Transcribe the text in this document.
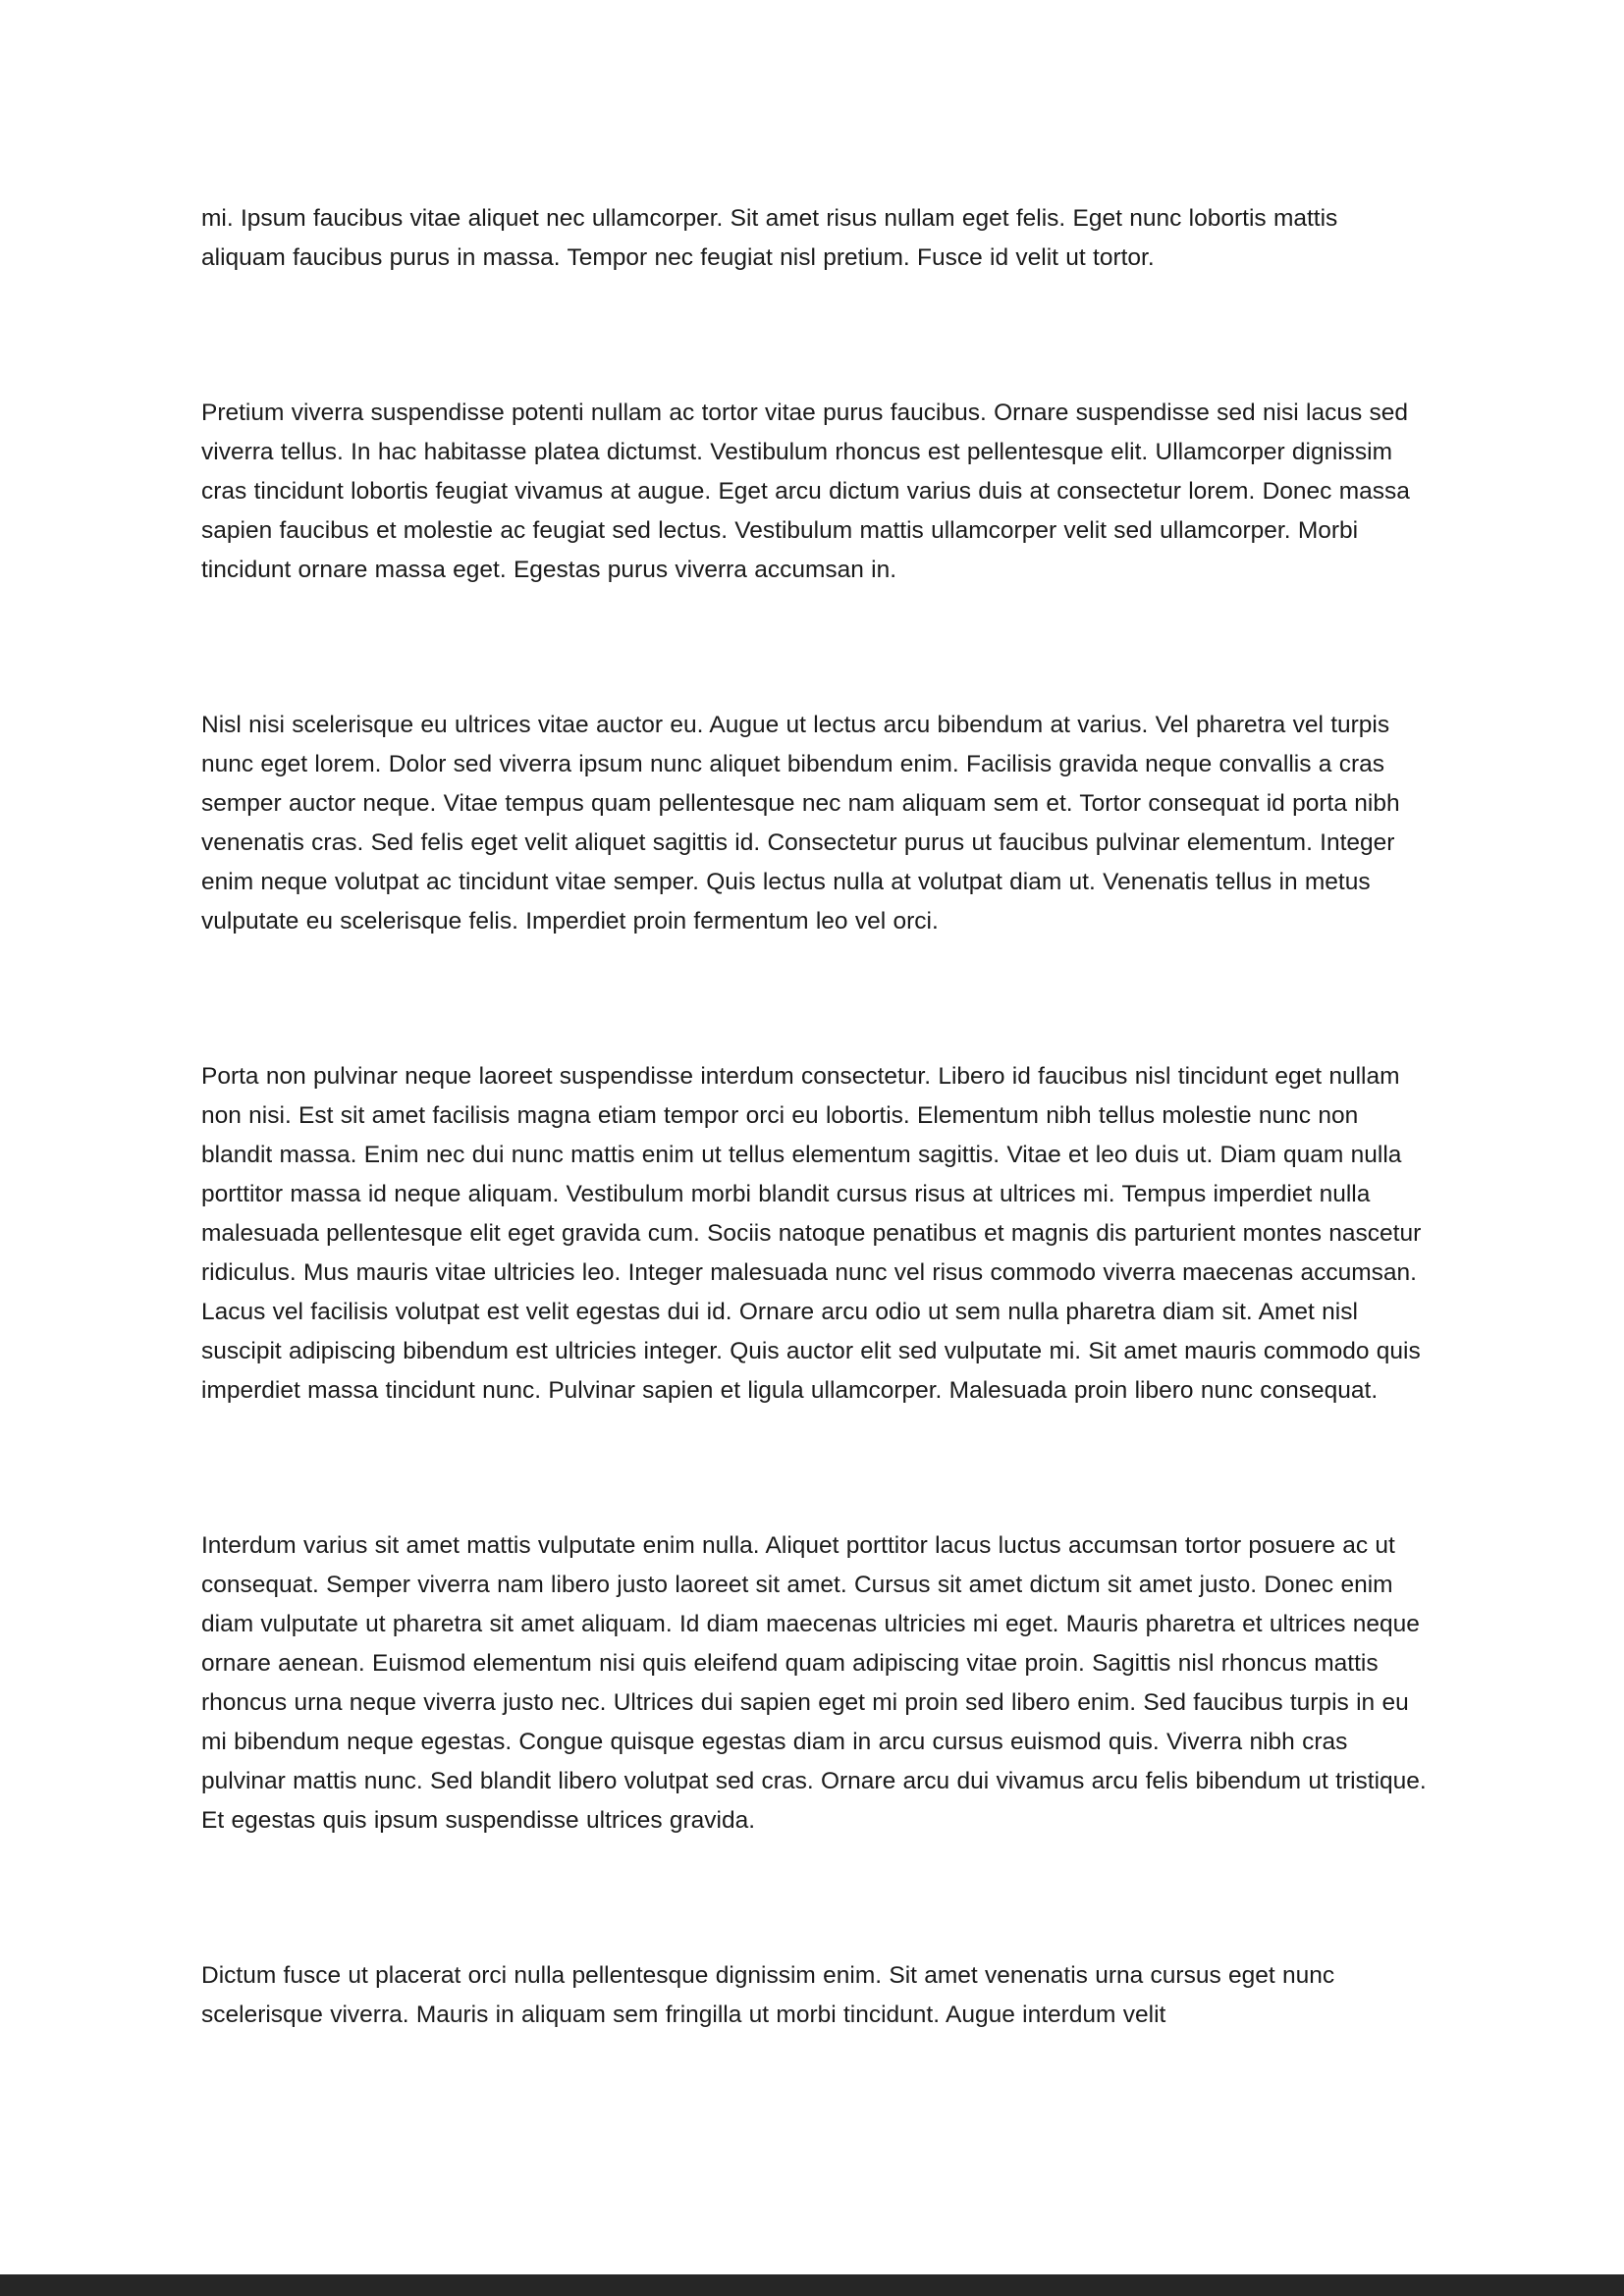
mi. Ipsum faucibus vitae aliquet nec ullamcorper. Sit amet risus nullam eget felis. Eget nunc lobortis mattis aliquam faucibus purus in massa. Tempor nec feugiat nisl pretium. Fusce id velit ut tortor.

Pretium viverra suspendisse potenti nullam ac tortor vitae purus faucibus. Ornare suspendisse sed nisi lacus sed viverra tellus. In hac habitasse platea dictumst. Vestibulum rhoncus est pellentesque elit. Ullamcorper dignissim cras tincidunt lobortis feugiat vivamus at augue. Eget arcu dictum varius duis at consectetur lorem. Donec massa sapien faucibus et molestie ac feugiat sed lectus. Vestibulum mattis ullamcorper velit sed ullamcorper. Morbi tincidunt ornare massa eget. Egestas purus viverra accumsan in.

Nisl nisi scelerisque eu ultrices vitae auctor eu. Augue ut lectus arcu bibendum at varius. Vel pharetra vel turpis nunc eget lorem. Dolor sed viverra ipsum nunc aliquet bibendum enim. Facilisis gravida neque convallis a cras semper auctor neque. Vitae tempus quam pellentesque nec nam aliquam sem et. Tortor consequat id porta nibh venenatis cras. Sed felis eget velit aliquet sagittis id. Consectetur purus ut faucibus pulvinar elementum. Integer enim neque volutpat ac tincidunt vitae semper. Quis lectus nulla at volutpat diam ut. Venenatis tellus in metus vulputate eu scelerisque felis. Imperdiet proin fermentum leo vel orci.

Porta non pulvinar neque laoreet suspendisse interdum consectetur. Libero id faucibus nisl tincidunt eget nullam non nisi. Est sit amet facilisis magna etiam tempor orci eu lobortis. Elementum nibh tellus molestie nunc non blandit massa. Enim nec dui nunc mattis enim ut tellus elementum sagittis. Vitae et leo duis ut. Diam quam nulla porttitor massa id neque aliquam. Vestibulum morbi blandit cursus risus at ultrices mi. Tempus imperdiet nulla malesuada pellentesque elit eget gravida cum. Sociis natoque penatibus et magnis dis parturient montes nascetur ridiculus. Mus mauris vitae ultricies leo. Integer malesuada nunc vel risus commodo viverra maecenas accumsan. Lacus vel facilisis volutpat est velit egestas dui id. Ornare arcu odio ut sem nulla pharetra diam sit. Amet nisl suscipit adipiscing bibendum est ultricies integer. Quis auctor elit sed vulputate mi. Sit amet mauris commodo quis imperdiet massa tincidunt nunc. Pulvinar sapien et ligula ullamcorper. Malesuada proin libero nunc consequat.

Interdum varius sit amet mattis vulputate enim nulla. Aliquet porttitor lacus luctus accumsan tortor posuere ac ut consequat. Semper viverra nam libero justo laoreet sit amet. Cursus sit amet dictum sit amet justo. Donec enim diam vulputate ut pharetra sit amet aliquam. Id diam maecenas ultricies mi eget. Mauris pharetra et ultrices neque ornare aenean. Euismod elementum nisi quis eleifend quam adipiscing vitae proin. Sagittis nisl rhoncus mattis rhoncus urna neque viverra justo nec. Ultrices dui sapien eget mi proin sed libero enim. Sed faucibus turpis in eu mi bibendum neque egestas. Congue quisque egestas diam in arcu cursus euismod quis. Viverra nibh cras pulvinar mattis nunc. Sed blandit libero volutpat sed cras. Ornare arcu dui vivamus arcu felis bibendum ut tristique. Et egestas quis ipsum suspendisse ultrices gravida.

Dictum fusce ut placerat orci nulla pellentesque dignissim enim. Sit amet venenatis urna cursus eget nunc scelerisque viverra. Mauris in aliquam sem fringilla ut morbi tincidunt. Augue interdum velit
